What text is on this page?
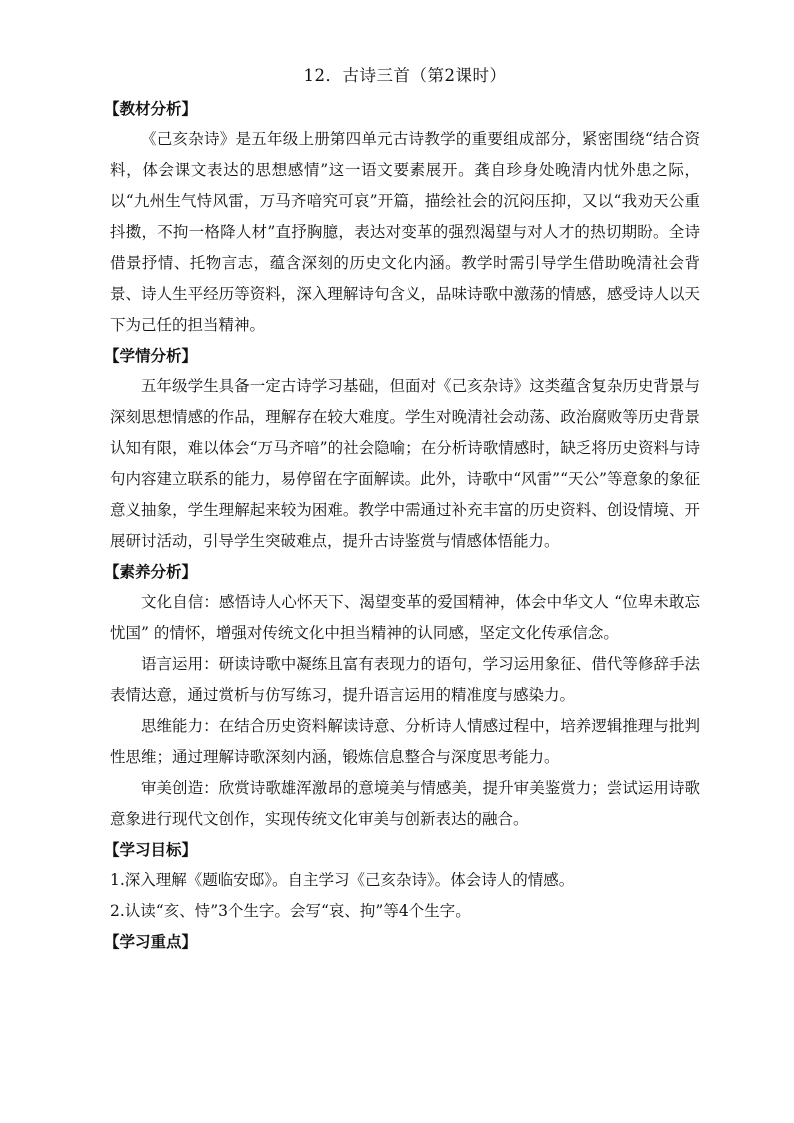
12．古诗三首（第2课时）
【教材分析】

《己亥杂诗》是五年级上册第四单元古诗教学的重要组成部分，紧密围绕“结合资料，体会课文表达的思想感情”这一语文要素展开。龚自珍身处晚清内忧外患之际，以“九州生气恃风雷，万马齐喑究可哀”开篇，描绘社会的沉闷压抑，又以“我劝天公重抖擞，不拘一格降人材”直抒胸臆，表达对变革的强烈渴望与对人才的热切期盼。全诗借景抒情、托物言志，蕴含深刻的历史文化内涵。教学时需引导学生借助晚清社会背景、诗人生平经历等资料，深入理解诗句含义，品味诗歌中激荡的情感，感受诗人以天下为己任的担当精神。

【学情分析】

五年级学生具备一定古诗学习基础，但面对《己亥杂诗》这类蕴含复杂历史背景与深刻思想情感的作品，理解存在较大难度。学生对晚清社会动荡、政治腐败等历史背景认知有限，难以体会“万马齐喑”的社会隐喻；在分析诗歌情感时，缺乏将历史资料与诗句内容建立联系的能力，易停留在字面解读。此外，诗歌中“风雷”“天公”等意象的象征意义抽象，学生理解起来较为困难。教学中需通过补充丰富的历史资料、创设情境、开展研讨活动，引导学生突破难点，提升古诗鉴赏与情感体悟能力。

【素养分析】

文化自信：感悟诗人心怀天下、渴望变革的爱国精神，体会中华文人 “位卑未敢忘忧国” 的情怀，增强对传统文化中担当精神的认同感，坚定文化传承信念。

语言运用：研读诗歌中凝练且富有表现力的语句，学习运用象征、借代等修辞手法表情达意，通过赏析与仿写练习，提升语言运用的精准度与感染力。

思维能力：在结合历史资料解读诗意、分析诗人情感过程中，培养逻辑推理与批判性思维；通过理解诗歌深刻内涵，锻炼信息整合与深度思考能力。

审美创造：欣赏诗歌雄浑激昂的意境美与情感美，提升审美鉴赏力；尝试运用诗歌意象进行现代文创作，实现传统文化审美与创新表达的融合。

【学习目标】

1.深入理解《题临安邸》。自主学习《己亥杂诗》。体会诗人的情感。

2.认读“亥、恃”3个生字。会写“哀、拘”等4个生字。

【学习重点】
